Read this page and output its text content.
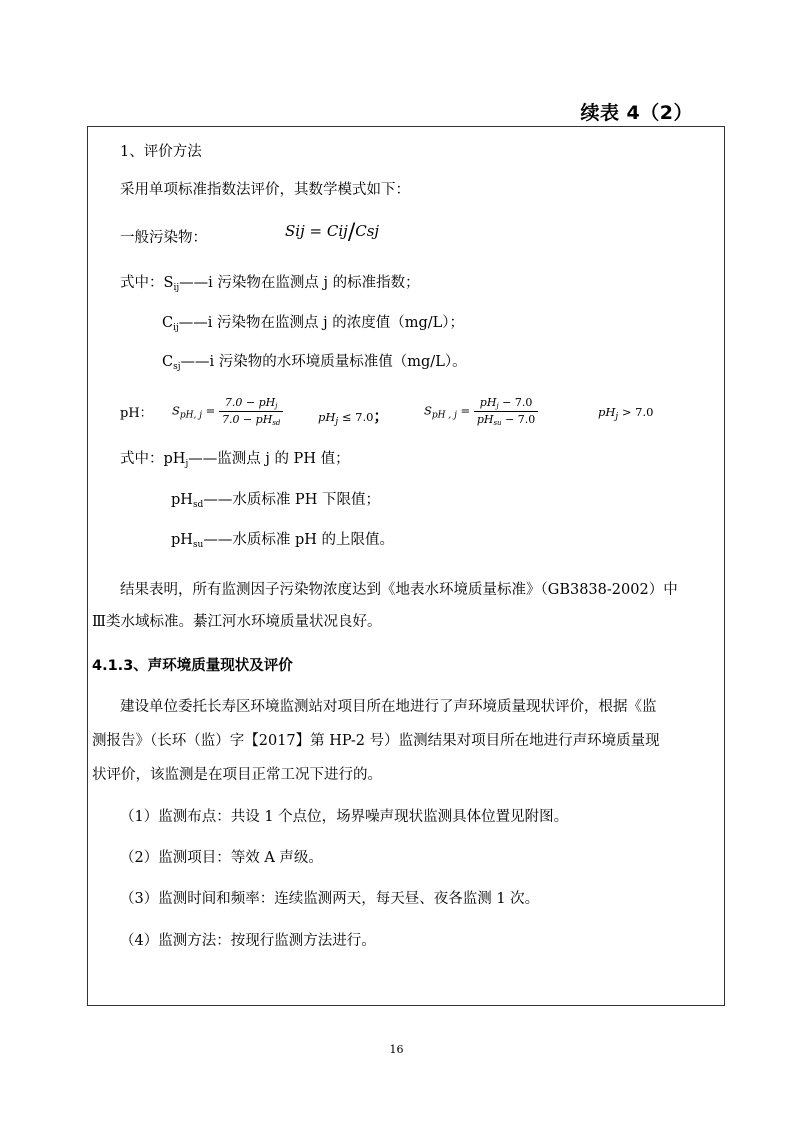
续表 4（2）
1、评价方法
采用单项标准指数法评价，其数学模式如下：
一般污染物：	Sij = Cij/Csj
式中：$S_{ij}——i$ 污染物在监测点 j 的标准指数；
$C_{ij}——i$ 污染物在监测点 j 的浓度值（mg/L）；
$C_{sj}——i$ 污染物的水环境质量标准值（mg/L）。
pH： $S_{pH, j} = \frac{7.0 - pH_j}{7.0 - pH_{sd}}$	$pH_j \le 7.0$；	$S_{pH , j} = \frac{pH_j - 7.0}{pH_{su} - 7.0}$	$pH_j > 7.0$
式中：$pH_j——$监测点 j 的 PH 值；
$pH_{sd}——$水质标准 PH 下限值；
$pH_{su}——$水质标准 pH 的上限值。
结果表明，所有监测因子污染物浓度达到《地表水环境质量标准》（GB3838-2002）中
Ⅲ类水域标准。綦江河水环境质量状况良好。
4.1.3、声环境质量现状及评价
建设单位委托长寿区环境监测站对项目所在地进行了声环境质量现状评价，根据《监
测报告》（长环（监）字【2017】第 HP-2 号）监测结果对项目所在地进行声环境质量现
状评价，该监测是在项目正常工况下进行的。
（1）监测布点：共设 1 个点位，场界噪声现状监测具体位置见附图。
（2）监测项目：等效 A 声级。
（3）监测时间和频率：连续监测两天，每天昼、夜各监测 1 次。
（4）监测方法：按现行监测方法进行。
16
